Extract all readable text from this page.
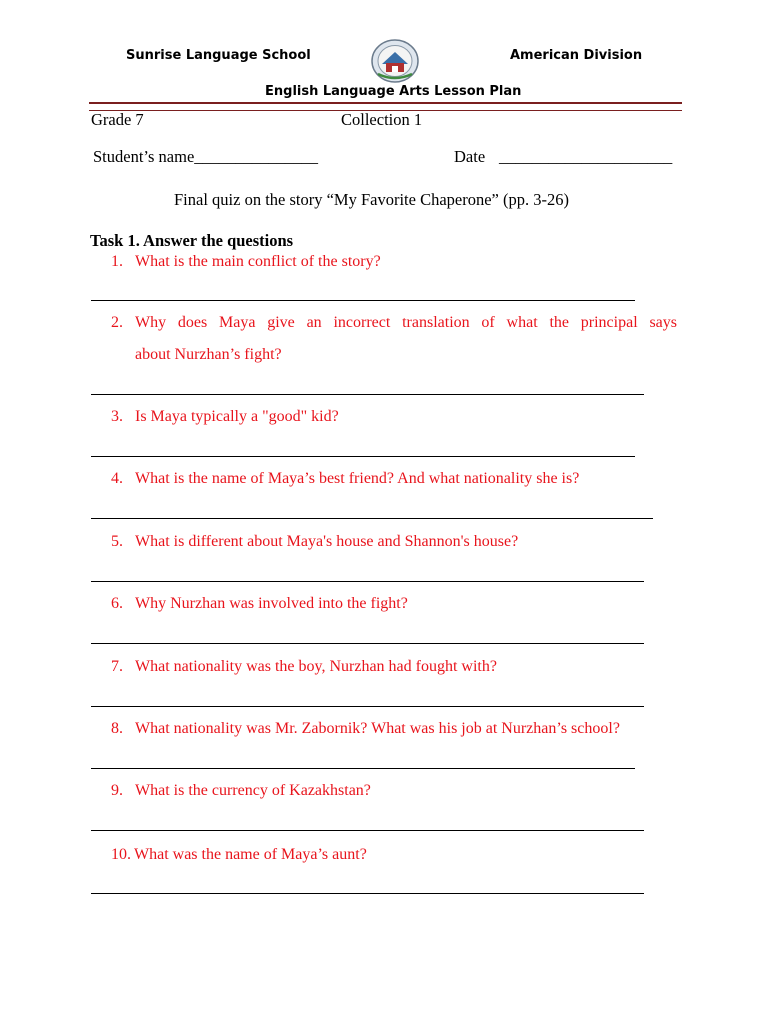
Sunrise Language School	American Division
English Language Arts Lesson Plan
Grade 7	Collection 1
Student’s name_______________	Date _____________________
Final quiz on the story “My Favorite Chaperone” (pp. 3-26)
Task 1. Answer the questions
1. What is the main conflict of the story?
2. Why does Maya give an incorrect translation of what the principal says
about Nurzhan’s fight?
3. Is Maya typically a "good" kid?
4. What is the name of Maya’s best friend? And what nationality she is?
5. What is different about Maya's house and Shannon's house?
6. Why Nurzhan was involved into the fight?
7. What nationality was the boy, Nurzhan had fought with?
8. What nationality was Mr. Zabornik? What was his job at Nurzhan’s school?
9. What is the currency of Kazakhstan?
10. What was the name of Maya’s aunt?
